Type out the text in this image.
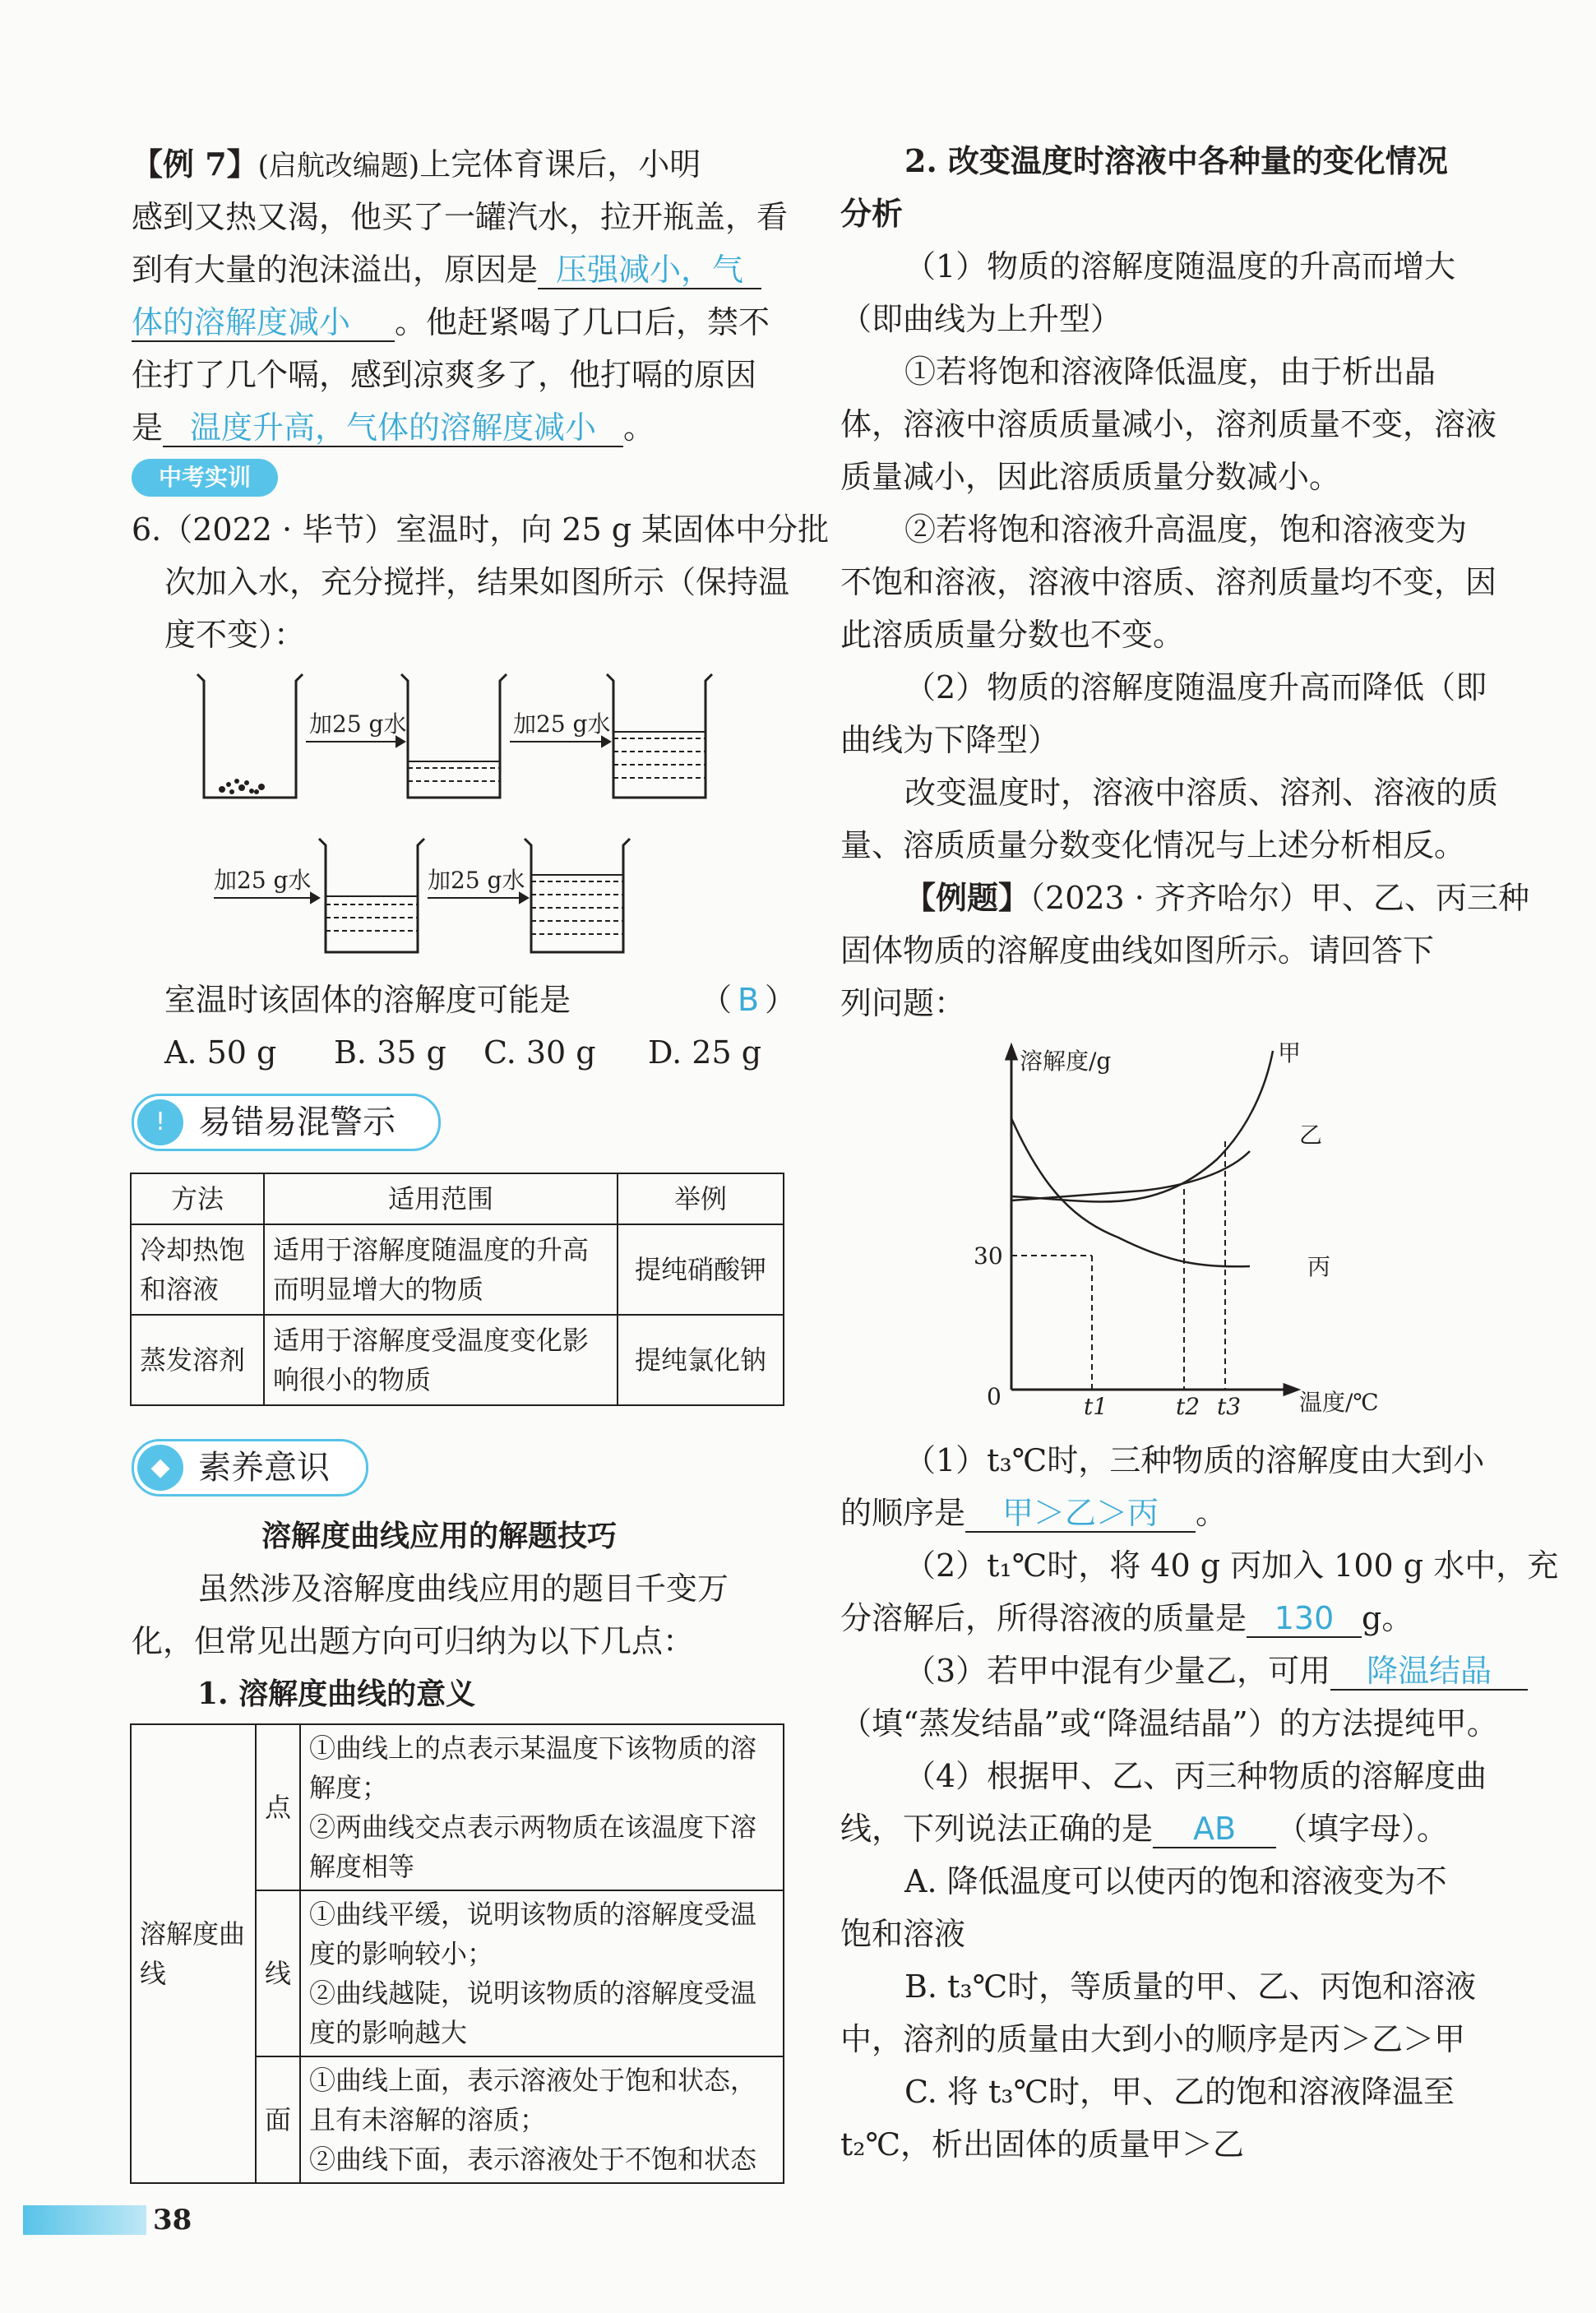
【例 7】(启航改编题)上完体育课后，小明
感到又热又渴，他买了一罐汽水，拉开瓶盖，看
到有大量的泡沫溢出，原因是 压强减小，气
体的溶解度减小 。他赶紧喝了几口后，禁不
住打了几个嗝，感到凉爽多了，他打嗝的原因
是 温度升高，气体的溶解度减小 。
中考实训
6.（2022 · 毕节）室温时，向 25 g 某固体中分批
次加入水，充分搅拌，结果如图所示（保持温
度不变）：
加25 g水	加25 g水
加25 g水	加25 g水
室温时该固体的溶解度可能是	（ B ）
A. 50 g B. 35 g C. 30 g D. 25 g
! 易错易混警示
方法	适用范围	举例
冷却热饱和溶液	适用于溶解度随温度的升高而明显增大的物质	提纯硝酸钾
蒸发溶剂	适用于溶解度受温度变化影响很小的物质	提纯氯化钠
◆ 素养意识
溶解度曲线应用的解题技巧
虽然涉及溶解度曲线应用的题目千变万
化，但常见出题方向可归纳为以下几点：
1. 溶解度曲线的意义
溶解度曲线	点	①曲线上的点表示某温度下该物质的溶解度；
②两曲线交点表示两物质在该温度下溶解度相等

	线	①曲线平缓，说明该物质的溶解度受温度的影响较小；
②曲线越陡，说明该物质的溶解度受温度的影响越大

	面	①曲线上面，表示溶液处于饱和状态，且有未溶解的溶质；
②曲线下面，表示溶液处于不饱和状态
2. 改变温度时溶液中各种量的变化情况
分析
（1）物质的溶解度随温度的升高而增大
（即曲线为上升型）
①若将饱和溶液降低温度，由于析出晶
体，溶液中溶质质量减小，溶剂质量不变，溶液
质量减小，因此溶质质量分数减小。
②若将饱和溶液升高温度，饱和溶液变为
不饱和溶液，溶液中溶质、溶剂质量均不变，因
此溶质质量分数也不变。
（2）物质的溶解度随温度升高而降低（即
曲线为下降型）
改变温度时，溶液中溶质、溶剂、溶液的质
量、溶质质量分数变化情况与上述分析相反。
【例题】（2023 · 齐齐哈尔）甲、乙、丙三种
固体物质的溶解度曲线如图所示。请回答下
列问题：
溶解度/g
温度/℃
0
30
t1	t2 t3
甲
乙
丙
（1）t₃℃时，三种物质的溶解度由大到小
的顺序是 甲＞乙＞丙 。
（2）t₁℃时，将 40 g 丙加入 100 g 水中，充
分溶解后，所得溶液的质量是 130 g。
（3）若甲中混有少量乙，可用 降温结晶
（填“蒸发结晶”或“降温结晶”）的方法提纯甲。
（4）根据甲、乙、丙三种物质的溶解度曲
线，下列说法正确的是 AB （填字母）。
A. 降低温度可以使丙的饱和溶液变为不
饱和溶液
B. t₃℃时，等质量的甲、乙、丙饱和溶液
中，溶剂的质量由大到小的顺序是丙＞乙＞甲
C. 将 t₃℃时，甲、乙的饱和溶液降温至
t₂℃，析出固体的质量甲＞乙
38
